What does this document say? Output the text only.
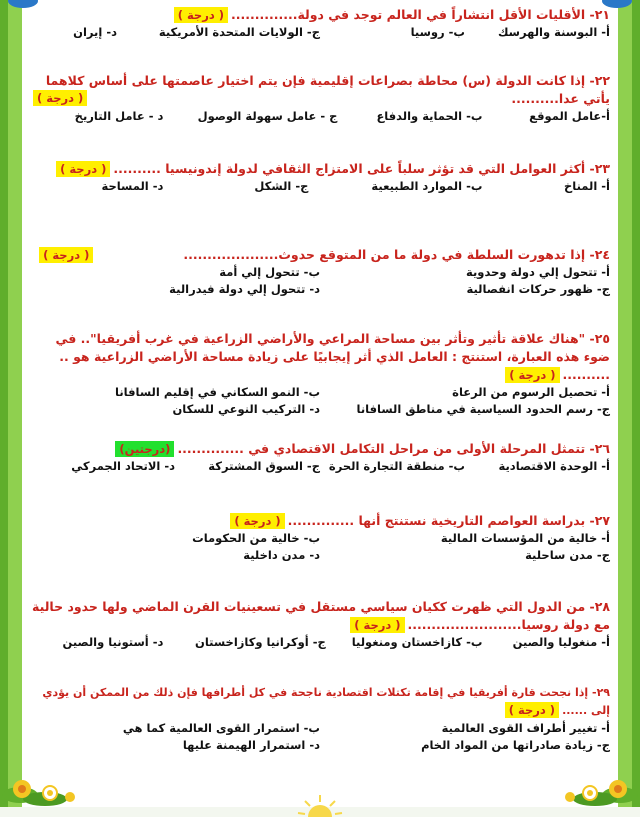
٢١- الأقليات الأقل انتشاراً في العالم توجد في دولة..............( درجة )

أ- البوسنة والهرسك
ب- روسيا
ج- الولايات المتحدة الأمريكية
د- إيران

٢٢- إذا كانت الدولة (س) محاطة بصراعات إقليمية فإن يتم اختيار عاصمتها على أساس كلاهما يأتي عدا..........

( درجة )
أ-عامل الموقع
ب- الحماية والدفاع
ج - عامل سهولة الوصول
د - عامل التاريخ

٢٣- أكثر العوامل التي قد تؤثر سلباً على الامتزاج الثقافي لدولة إندونيسيا ..........( درجة )

أ- المناخ
ب- الموارد الطبيعية
ج- الشكل
د- المساحة

٢٤- إذا تدهورت السلطة في دولة ما من المتوقع حدوث....................( درجة )

أ- تتحول إلي دولة وحدوية
ب- تتحول إلي أمة
ج- ظهور حركات انفصالية
د- تتحول إلي دولة فيدرالية

٢٥- "هناك علاقة تأثير وتأثر بين مساحة المراعي والأراضي الزراعية في غرب أفريقيا".. في ضوء هذه العبارة، استنتج : العامل الذي أثر إيجابيًا على زيادة مساحة الأراضي الزراعية هو .. ..........( درجة )

أ- تحصيل الرسوم من الرعاة
ب- النمو السكاني في إقليم السافانا
ج- رسم الحدود السياسية في مناطق السافانا
د- التركيب النوعي للسكان

٢٦- تتمثل المرحلة الأولى من مراحل التكامل الاقتصادي في ..............(درجتين)

أ- الوحدة الاقتصادية
ب- منطقة التجارة الحرة
ج- السوق المشتركة
د- الاتحاد الجمركي

٢٧- بدراسة العواصم التاريخية نستنتج أنها ..............( درجة )

أ- خالية من المؤسسات المالية
ب- خالية من الحكومات
ج- مدن ساحلية
د- مدن داخلية

٢٨- من الدول التي ظهرت ككيان سياسي مستقل في تسعينيات القرن الماضي ولها حدود حالية مع دولة روسيا........................( درجة )

أ- منغوليا والصين
ب- كازاخستان ومنغوليا
ج- أوكرانيا وكازاخستان
د- أستونيا والصين

٢٩- إذا نجحت قارة أفريقيا في إقامة تكتلات اقتصادية ناجحة في كل أطرافها فإن ذلك من الممكن أن يؤدي إلى ......( درجة )

أ- تغيير أطراف القوى العالمية
ب- استمرار القوى العالمية كما هي
ج- زيادة صادراتها من المواد الخام
د- استمرار الهيمنة عليها
